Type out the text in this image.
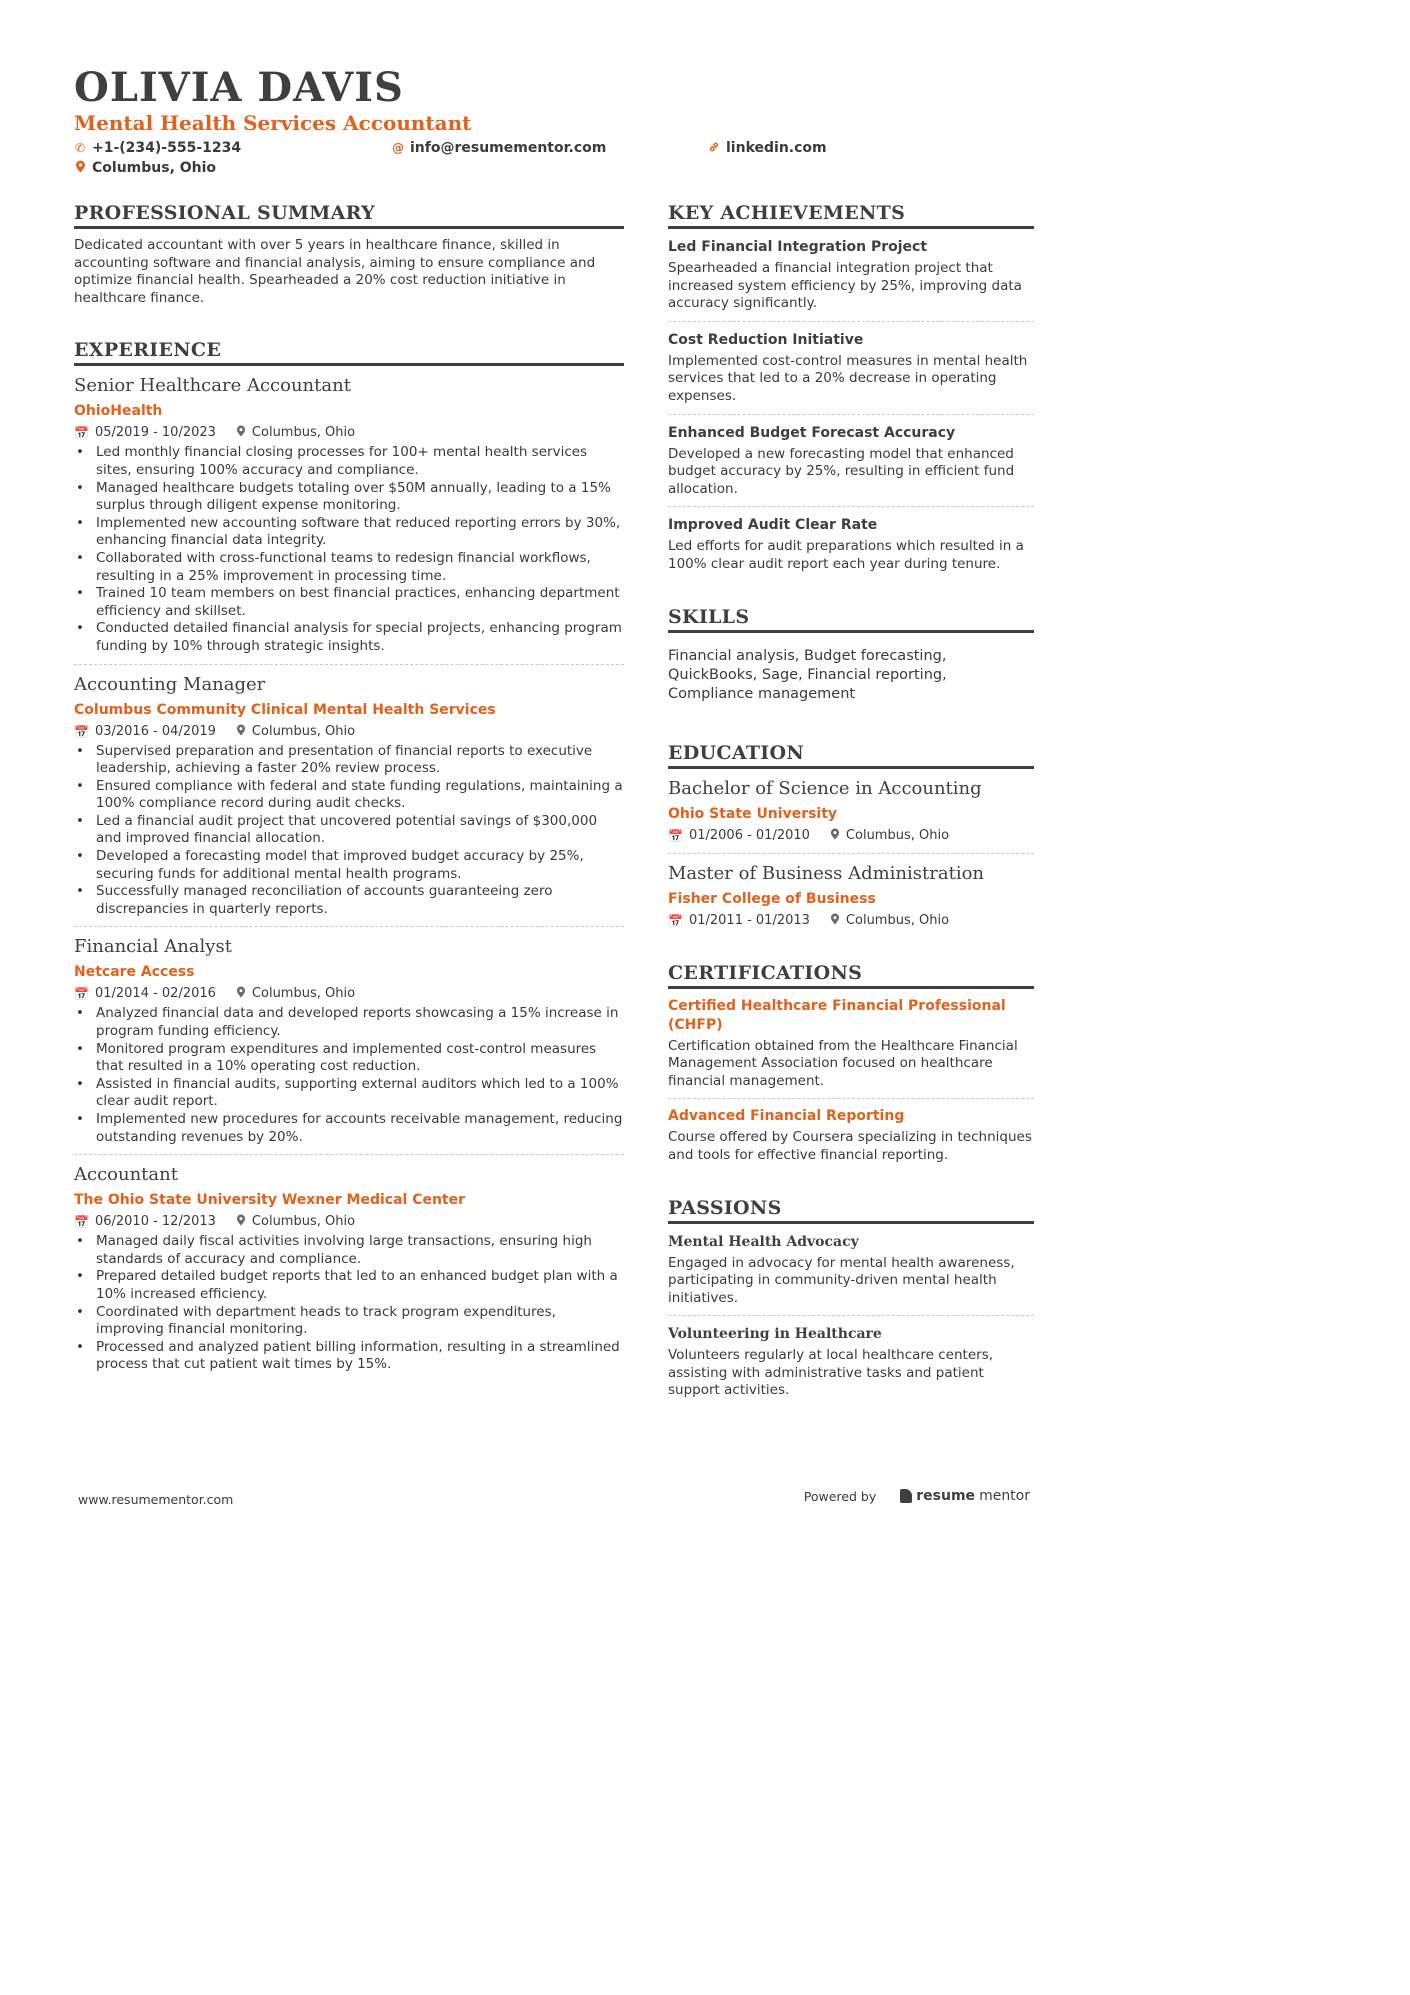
OLIVIA DAVIS
Mental Health Services Accountant
✆ +1-(234)-555-1234	@ info@resumementor.com	linkedin.com
Columbus, Ohio
PROFESSIONAL SUMMARY
Dedicated accountant with over 5 years in healthcare finance, skilled in accounting software and financial analysis, aiming to ensure compliance and optimize financial health. Spearheaded a 20% cost reduction initiative in healthcare finance.
EXPERIENCE
Senior Healthcare Accountant
OhioHealth
📅 05/2019 - 10/2023	Columbus, Ohio
• Led monthly financial closing processes for 100+ mental health services sites, ensuring 100% accuracy and compliance.
• Managed healthcare budgets totaling over $50M annually, leading to a 15% surplus through diligent expense monitoring.
• Implemented new accounting software that reduced reporting errors by 30%, enhancing financial data integrity.
• Collaborated with cross-functional teams to redesign financial workflows, resulting in a 25% improvement in processing time.
• Trained 10 team members on best financial practices, enhancing department efficiency and skillset.
• Conducted detailed financial analysis for special projects, enhancing program funding by 10% through strategic insights.
Accounting Manager
Columbus Community Clinical Mental Health Services
📅 03/2016 - 04/2019	Columbus, Ohio
• Supervised preparation and presentation of financial reports to executive leadership, achieving a faster 20% review process.
• Ensured compliance with federal and state funding regulations, maintaining a 100% compliance record during audit checks.
• Led a financial audit project that uncovered potential savings of $300,000 and improved financial allocation.
• Developed a forecasting model that improved budget accuracy by 25%, securing funds for additional mental health programs.
• Successfully managed reconciliation of accounts guaranteeing zero discrepancies in quarterly reports.
Financial Analyst
Netcare Access
📅 01/2014 - 02/2016	Columbus, Ohio
• Analyzed financial data and developed reports showcasing a 15% increase in program funding efficiency.
• Monitored program expenditures and implemented cost-control measures that resulted in a 10% operating cost reduction.
• Assisted in financial audits, supporting external auditors which led to a 100% clear audit report.
• Implemented new procedures for accounts receivable management, reducing outstanding revenues by 20%.
Accountant
The Ohio State University Wexner Medical Center
📅 06/2010 - 12/2013	Columbus, Ohio
• Managed daily fiscal activities involving large transactions, ensuring high standards of accuracy and compliance.
• Prepared detailed budget reports that led to an enhanced budget plan with a 10% increased efficiency.
• Coordinated with department heads to track program expenditures, improving financial monitoring.
• Processed and analyzed patient billing information, resulting in a streamlined process that cut patient wait times by 15%.
KEY ACHIEVEMENTS
Led Financial Integration Project
Spearheaded a financial integration project that increased system efficiency by 25%, improving data accuracy significantly.
Cost Reduction Initiative
Implemented cost-control measures in mental health services that led to a 20% decrease in operating expenses.
Enhanced Budget Forecast Accuracy
Developed a new forecasting model that enhanced budget accuracy by 25%, resulting in efficient fund allocation.
Improved Audit Clear Rate
Led efforts for audit preparations which resulted in a 100% clear audit report each year during tenure.
SKILLS
Financial analysis, Budget forecasting, QuickBooks, Sage, Financial reporting, Compliance management
EDUCATION
Bachelor of Science in Accounting
Ohio State University
📅 01/2006 - 01/2010	Columbus, Ohio
Master of Business Administration
Fisher College of Business
📅 01/2011 - 01/2013	Columbus, Ohio
CERTIFICATIONS
Certified Healthcare Financial Professional (CHFP)
Certification obtained from the Healthcare Financial Management Association focused on healthcare financial management.
Advanced Financial Reporting
Course offered by Coursera specializing in techniques and tools for effective financial reporting.
PASSIONS
Mental Health Advocacy
Engaged in advocacy for mental health awareness, participating in community-driven mental health initiatives.
Volunteering in Healthcare
Volunteers regularly at local healthcare centers, assisting with administrative tasks and patient support activities.
www.resumementor.com	Powered by	resume mentor
